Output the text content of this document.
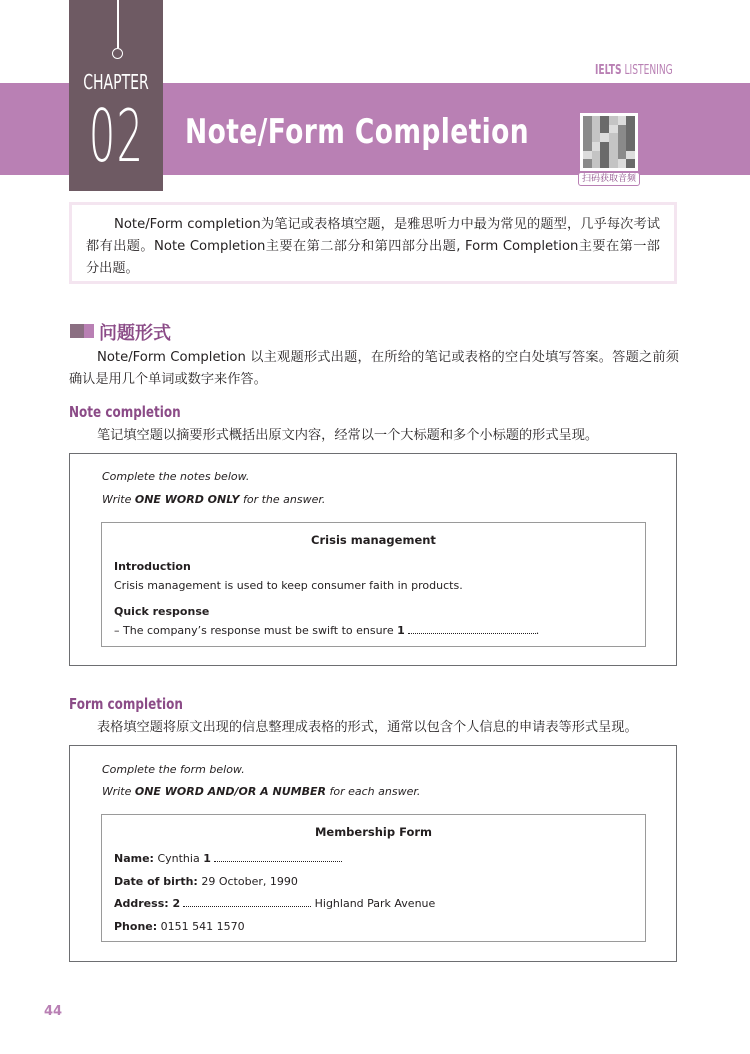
CHAPTER
02 Note/Form Completion
IELTS LISTENING
扫码获取音频

Note/Form completion为笔记或表格填空题，是雅思听力中最为常见的题型，几乎每次考试都有出题。Note Completion主要在第二部分和第四部分出题, Form Completion主要在第一部分出题。

问题形式
Note/Form Completion 以主观题形式出题，在所给的笔记或表格的空白处填写答案。答题之前须确认是用几个单词或数字来作答。
Note completion
笔记填空题以摘要形式概括出原文内容，经常以一个大标题和多个小标题的形式呈现。
Complete the notes below.
Write ONE WORD ONLY for the answer.
Crisis management
Introduction
Crisis management is used to keep consumer faith in products.
Quick response
– The company’s response must be swift to ensure 1	.
Form completion
表格填空题将原文出现的信息整理成表格的形式，通常以包含个人信息的申请表等形式呈现。
Complete the form below.
Write ONE WORD AND/OR A NUMBER for each answer.
Membership Form
Name: Cynthia 1
Date of birth: 29 October, 1990
Address: 2	Highland Park Avenue
Phone: 0151 541 1570
44
